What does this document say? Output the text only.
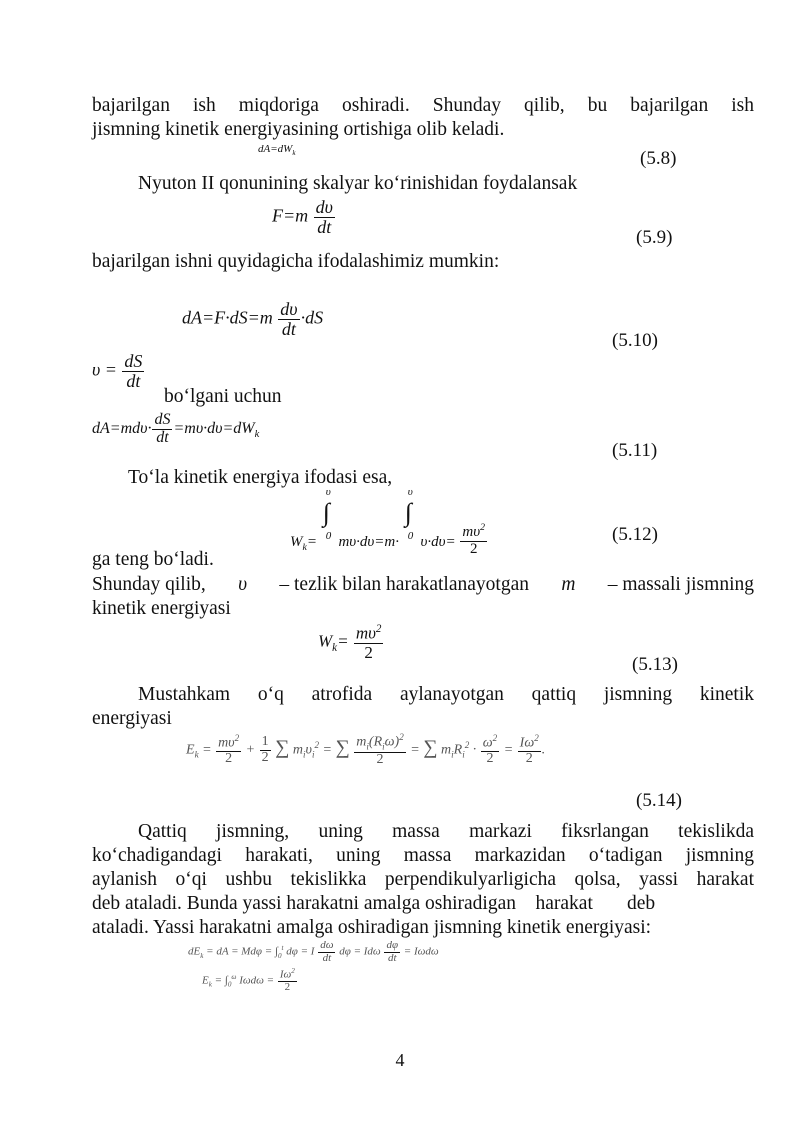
bajarilgan ish miqdoriga oshiradi. Shunday qilib, bu bajarilgan ish
jismning kinetik energiyasining ortishiga olib keladi.
$dA=dW_k$	(5.8)
Nyuton II qonunining skalyar ko‘rinishidan foydalansak
$F=m \frac{d\upsilon}{dt}$
(5.9)
bajarilgan ishni quyidagicha ifodalashimiz mumkin:
$dA=F\cdot dS=m \frac{d\upsilon}{dt} \cdot dS$
(5.10)
$\upsilon = \frac{dS}{dt}$
bo‘lgani uchun
$dA=md\upsilon\cdot \frac{dS}{dt} =m\upsilon\cdot d\upsilon=dW_k$
(5.11)
To‘la kinetik energiya ifodasi esa,
$W_k=$
υ
∫
0 mυ·dυ=m·
υ
∫
0 $\upsilon\cdot d\upsilon= \frac{m\upsilon^2}{2}$	(5.12)
ga teng bo‘ladi.
Shunday qilib, υ – tezlik bilan harakatlanayotgan m – massali jismning
kinetik energiyasi
$W_k= \frac{m\upsilon^2}{2}$
(5.13)
Mustahkam o‘q atrofida aylanayotgan qattiq jismning kinetik
energiyasi
$E_k = \frac{m\upsilon^2}{2} + \frac{1}{2}$ ∑ $m_i\upsilon_i^2$ = ∑ $\frac{m_i(R_i\omega)^2}{2}$ = ∑ $m_iR_i^2 \cdot \frac{\omega^2}{2} = \frac{I\omega^2}{2}$ .
(5.14)
Qattiq jismning, uning massa markazi fiksrlangan tekislikda
ko‘chadigandagi harakati, uning massa markazidan o‘tadigan jismning
aylanish o‘qi ushbu tekislikka perpendikulyarligicha qolsa, yassi harakat
deb ataladi. Bunda yassi harakatni amalga oshiradigan    harakat       deb
ataladi. Yassi harakatni amalga oshiradigan jismning kinetik energiyasi:
$dE_k$ = dA = $Md\varphi = \int_0^t$ dφ = I $\frac{d\omega}{dt}$ dφ = Idω $\frac{d\varphi}{dt} = I\omega d\omega$
$E_k = \int_0^\omega$ $I\omega d\omega = \frac{I\omega^2}{2}$
4
